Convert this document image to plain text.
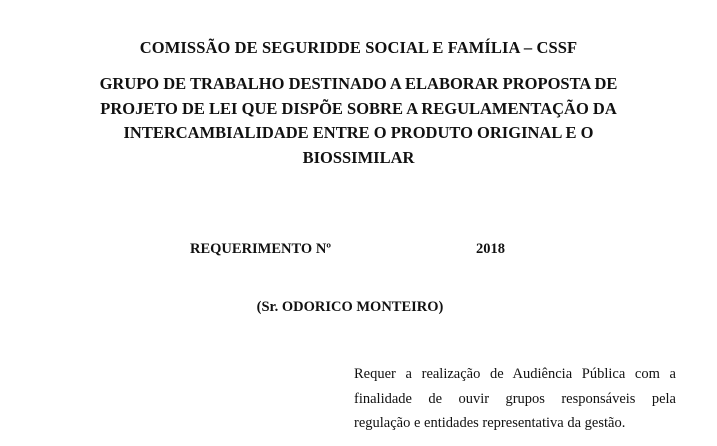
COMISSÃO DE SEGURIDDE SOCIAL E FAMÍLIA – CSSF
GRUPO DE TRABALHO DESTINADO A ELABORAR PROPOSTA DE
PROJETO DE LEI QUE DISPÕE SOBRE A REGULAMENTAÇÃO DA
INTERCAMBIALIDADE ENTRE O PRODUTO ORIGINAL E O
BIOSSIMILAR

REQUERIMENTO Nº	2018

(Sr. ODORICO MONTEIRO)

Requer a realização de Audiência Pública com a
finalidade de ouvir grupos responsáveis pela
regulação e entidades representativa da gestão.
